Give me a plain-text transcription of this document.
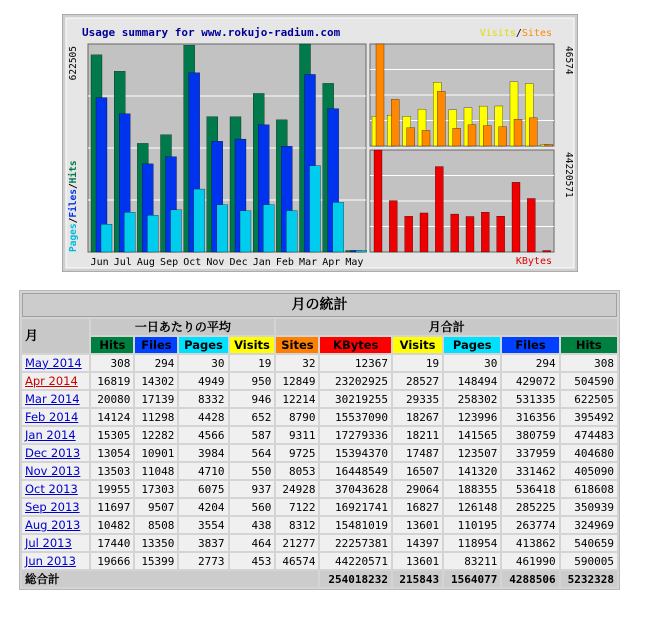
Usage summary for www.rokujo-radium.com
Jun Jul Aug Sep Oct Nov Dec Jan Feb Mar Apr May
622505
Pages/Files/Hits
46574
Visits/Sites
44220571
KBytes
月の統計										
月	一日あたりの平均				月合計					
	Hits	Files	Pages	Visits	Sites	KBytes	Visits	Pages	Files	Hits
May 2014	308	294	30	19	32	12367	19	30	294	308
Apr 2014	16819	14302	4949	950	12849	23202925	28527	148494	429072	504590
Mar 2014	20080	17139	8332	946	12214	30219255	29335	258302	531335	622505
Feb 2014	14124	11298	4428	652	8790	15537090	18267	123996	316356	395492
Jan 2014	15305	12282	4566	587	9311	17279336	18211	141565	380759	474483
Dec 2013	13054	10901	3984	564	9725	15394370	17487	123507	337959	404680
Nov 2013	13503	11048	4710	550	8053	16448549	16507	141320	331462	405090
Oct 2013	19955	17303	6075	937	24928	37043628	29064	188355	536418	618608
Sep 2013	11697	9507	4204	560	7122	16921741	16827	126148	285225	350939
Aug 2013	10482	8508	3554	438	8312	15481019	13601	110195	263774	324969
Jul 2013	17440	13350	3837	464	21277	22257381	14397	118954	413862	540659
Jun 2013	19666	15399	2773	453	46574	44220571	13601	83211	461990	590005
総合計						254018232	215843	1564077	4288506	5232328
